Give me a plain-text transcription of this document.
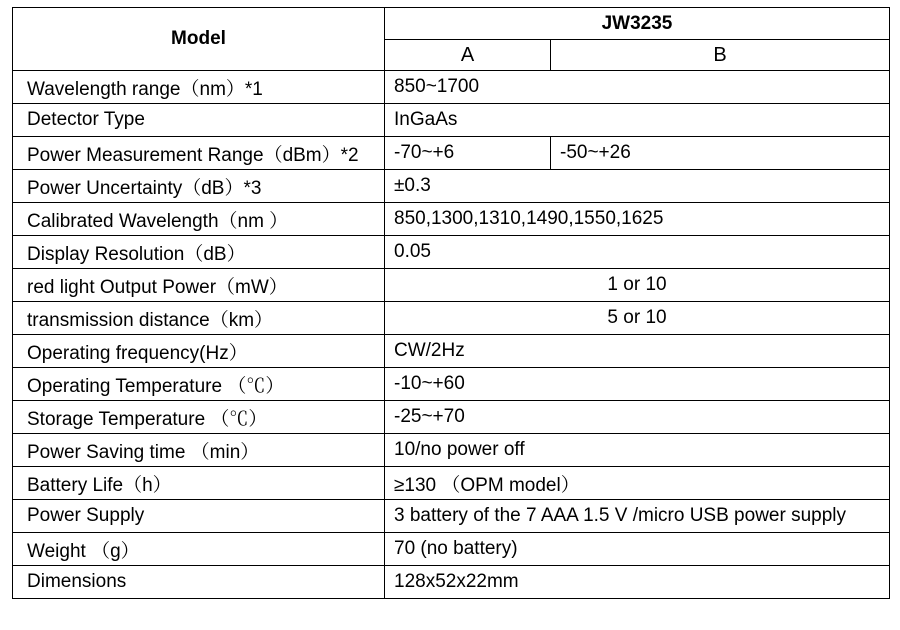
Model	JW3235	
	A	B
Wavelength range（nm）*1	850~1700	
Detector Type	InGaAs	
Power Measurement Range（dBm）*2	-70~+6	-50~+26
Power Uncertainty（dB）*3	±0.3	
Calibrated Wavelength（nm ）	850,1300,1310,1490,1550,1625	
Display Resolution（dB）	0.05	
red light Output Power（mW）	1 or 10	
transmission distance（km）	5 or 10	
Operating frequency(Hz）	CW/2Hz	
Operating Temperature （℃）	-10~+60	
Storage Temperature （℃）	-25~+70	
Power Saving time （min）	10/no power off	
Battery Life（h）	≥130 （OPM model）	
Power Supply	3 battery of the 7 AAA 1.5 V /micro USB power supply	
Weight （g）	70 (no battery)	
Dimensions	128x52x22mm	
